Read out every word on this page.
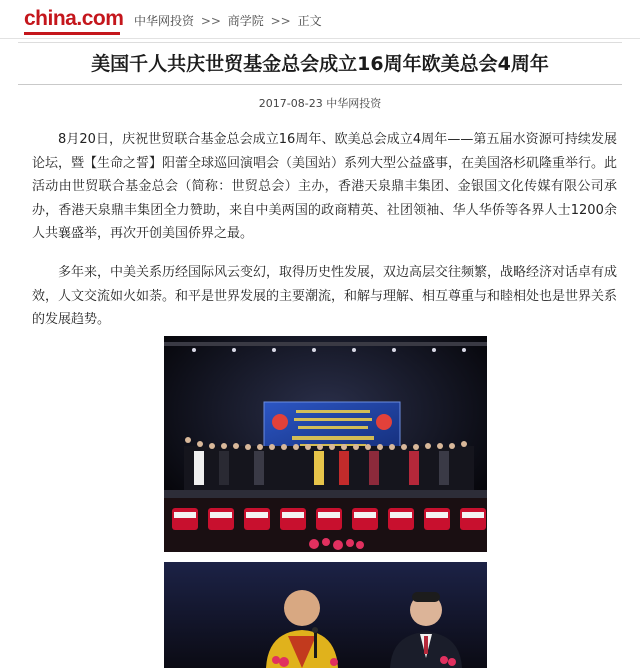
china.com 中华网投资 >> 商学院 >> 正文
美国千人共庆世贸基金总会成立16周年欧美总会4周年
2017-08-23 中华网投资

8月20日，庆祝世贸联合基金总会成立16周年、欧美总会成立4周年——第五届水资源可持续发展论坛，暨【生命之誓】阳蕾全球巡回演唱会（美国站）系列大型公益盛事，在美国洛杉矶隆重举行。此活动由世贸联合基金总会（简称：世贸总会）主办，香港天泉鼎丰集团、金银国文化传媒有限公司承办，香港天泉鼎丰集团全力赞助，来自中美两国的政商精英、社团领袖、华人华侨等各界人士1200余人共襄盛举，再次开创美国侨界之最。

多年来，中美关系历经国际风云变幻，取得历史性发展，双边高层交往频繁，战略经济对话卓有成效，人文交流如火如荼。和平是世界发展的主要潮流，和解与理解、相互尊重与和睦相处也是世界关系的发展趋势。
